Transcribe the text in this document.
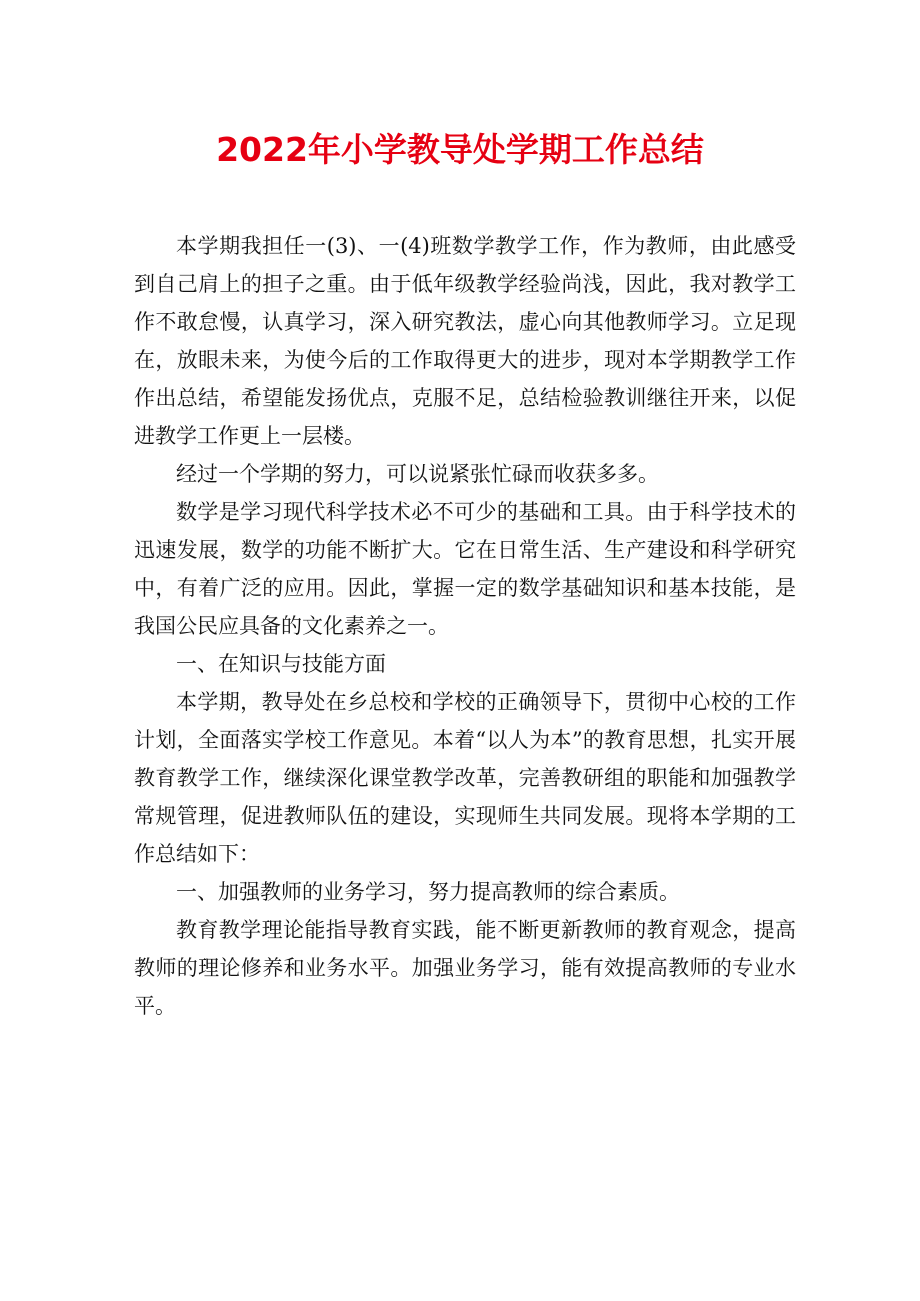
2022年小学教导处学期工作总结

本学期我担任一(3)、一(4)班数学教学工作，作为教师，由此感受到自己肩上的担子之重。由于低年级教学经验尚浅，因此，我对教学工作不敢怠慢，认真学习，深入研究教法，虚心向其他教师学习。立足现在，放眼未来，为使今后的工作取得更大的进步，现对本学期教学工作作出总结，希望能发扬优点，克服不足，总结检验教训继往开来，以促进教学工作更上一层楼。

经过一个学期的努力，可以说紧张忙碌而收获多多。

数学是学习现代科学技术必不可少的基础和工具。由于科学技术的迅速发展，数学的功能不断扩大。它在日常生活、生产建设和科学研究中，有着广泛的应用。因此，掌握一定的数学基础知识和基本技能，是我国公民应具备的文化素养之一。

一、在知识与技能方面

本学期，教导处在乡总校和学校的正确领导下，贯彻中心校的工作计划，全面落实学校工作意见。本着“以人为本”的教育思想，扎实开展教育教学工作，继续深化课堂教学改革，完善教研组的职能和加强教学常规管理，促进教师队伍的建设，实现师生共同发展。现将本学期的工作总结如下：

一、加强教师的业务学习，努力提高教师的综合素质。

教育教学理论能指导教育实践，能不断更新教师的教育观念，提高教师的理论修养和业务水平。加强业务学习，能有效提高教师的专业水平。
